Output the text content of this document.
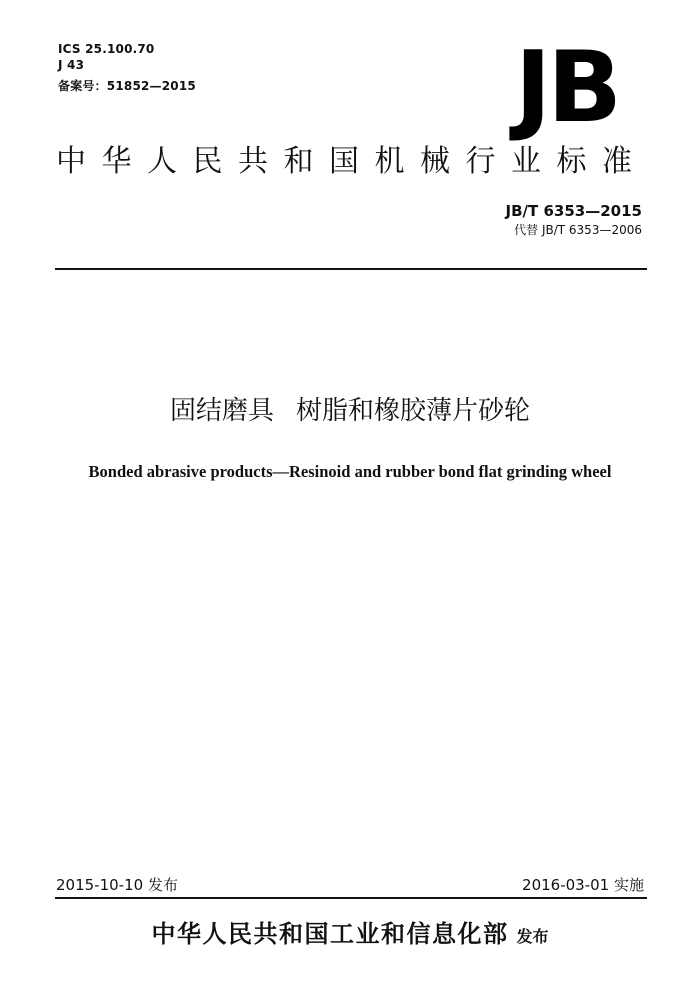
ICS 25.100.70
J 43
备案号：51852—2015	JB
中华人民共和国机械行业标准
JB/T 6353—2015
代替 JB/T 6353—2006
固结磨具 树脂和橡胶薄片砂轮
Bonded abrasive products—Resinoid and rubber bond flat grinding wheel
2015-10-10 发布	2016-03-01 实施
中华人民共和国工业和信息化部 发布
